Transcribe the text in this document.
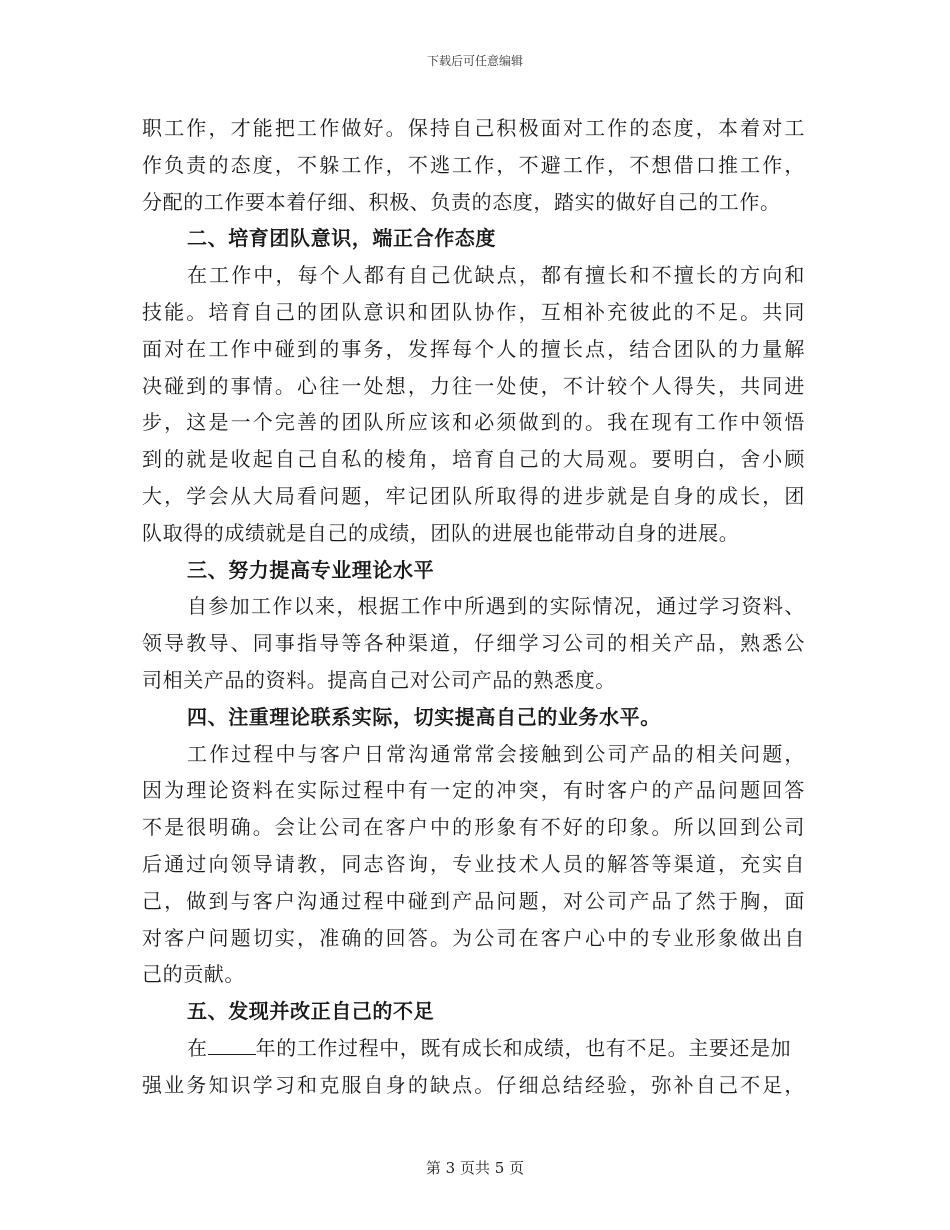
下载后可任意编辑
职工作，才能把工作做好。保持自己积极面对工作的态度，本着对工
作负责的态度，不躲工作，不逃工作，不避工作，不想借口推工作，
分配的工作要本着仔细、积极、负责的态度，踏实的做好自己的工作。
二、培育团队意识，端正合作态度
在工作中，每个人都有自己优缺点，都有擅长和不擅长的方向和
技能。培育自己的团队意识和团队协作，互相补充彼此的不足。共同
面对在工作中碰到的事务，发挥每个人的擅长点，结合团队的力量解
决碰到的事情。心往一处想，力往一处使，不计较个人得失，共同进
步，这是一个完善的团队所应该和必须做到的。我在现有工作中领悟
到的就是收起自己自私的棱角，培育自己的大局观。要明白，舍小顾
大，学会从大局看问题，牢记团队所取得的进步就是自身的成长，团
队取得的成绩就是自己的成绩，团队的进展也能带动自身的进展。
三、努力提高专业理论水平
自参加工作以来，根据工作中所遇到的实际情况，通过学习资料、
领导教导、同事指导等各种渠道，仔细学习公司的相关产品，熟悉公
司相关产品的资料。提高自己对公司产品的熟悉度。
四、注重理论联系实际，切实提高自己的业务水平。
工作过程中与客户日常沟通常常会接触到公司产品的相关问题，
因为理论资料在实际过程中有一定的冲突，有时客户的产品问题回答
不是很明确。会让公司在客户中的形象有不好的印象。所以回到公司
后通过向领导请教，同志咨询，专业技术人员的解答等渠道，充实自
己，做到与客户沟通过程中碰到产品问题，对公司产品了然于胸，面
对客户问题切实，准确的回答。为公司在客户心中的专业形象做出自
己的贡献。
五、发现并改正自己的不足
在 年的工作过程中，既有成长和成绩，也有不足。主要还是加
强业务知识学习和克服自身的缺点。仔细总结经验，弥补自己不足，
第 3 页共 5 页
